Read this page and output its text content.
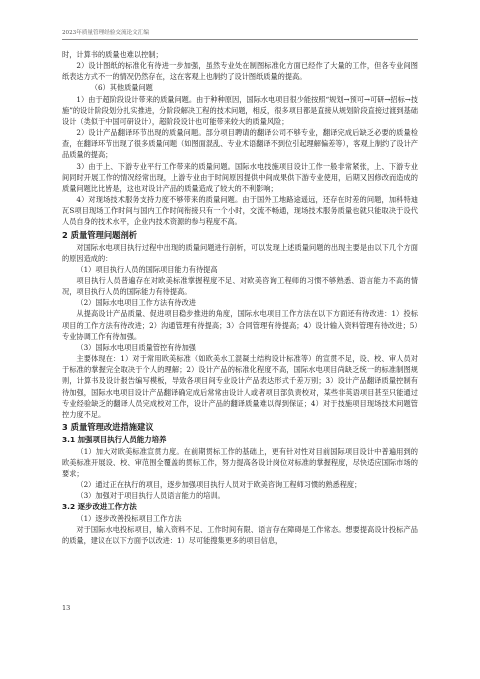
2023年质量管理经验交流论文汇编

时，计算书的质量也难以控制；

2）设计图纸的标准化有待进一步加强，虽然专业处在制图标准化方面已经作了大量的工作，但各专业间图纸表达方式不一的情况仍然存在，这在客观上也制约了设计图纸质量的提高。

（6）其他质量问题

1）由于超阶段设计带来的质量问题。由于种种原因，国际水电项目很少能按照“规划→预可→可研→招标→技施”的设计阶段划分扎实推进，分阶段解决工程的技术问题，相反，很多项目都是直接从规划阶段直接过渡到基础设计（类似于中国可研设计），超阶段设计也可能带来较大的质量风险；

2）设计产品翻译环节出现的质量问题。部分项目聘请的翻译公司不够专业，翻译完成后缺乏必要的质量检查，在翻译环节出现了很多质量问题（如图面混乱、专业术语翻译不到位引起理解偏差等），客观上制约了设计产品质量的提高；

3）由于上、下游专业平行工作带来的质量问题。国际水电技施项目设计工作一般非常紧张，上、下游专业间同时开展工作的情况经常出现，上游专业由于时间原因提供中间成果供下游专业使用，后期又因修改而造成的质量问题比比皆是，这也对设计产品的质量造成了较大的不利影响；

4）对现场技术服务支持力度不够带来的质量问题。由于国外工地路途遥远，还存在时差的问题，加科特迪瓦S项目现场工作时间与国内工作时间衔接只有一个小时，交流不畅通，现场技术服务质量也就只能取决于设代人员自身的技术水平，企业内技术资源的参与程度不高。

2 质量管理问题剖析

对国际水电项目执行过程中出现的质量问题进行剖析，可以发现上述质量问题的出现主要是由以下几个方面的原因造成的：

（1）项目执行人员的国际项目能力有待提高

项目执行人员普遍存在对欧美标准掌握程度不足、对欧美咨询工程师的习惯不够熟悉、语言能力不高的情况，项目执行人员的国际能力有待提高。

（2）国际水电项目工作方法有待改进

从提高设计产品质量、促进项目稳步推进的角度，国际水电项目工作方法在以下方面还有待改进：1）投标项目的工作方法有待改进；2）沟通管理有待提高；3）合同管理有待提高；4）设计输入资料管理有待改进；5）专业协调工作有待加强。

（3）国际水电项目质量管控有待加强

主要体现在：1）对于常用欧美标准（如欧美水工混凝土结构设计标准等）的宣贯不足，设、校、审人员对于标准的掌握完全取决于个人的理解；2）设计产品的标准化程度不高，国际水电项目尚缺乏统一的标准制图规则，计算书及设计报告编写模板，导致各项目间专业设计产品表达形式千差万别；3）设计产品翻译质量控制有待加强，国际水电项目设计产品翻译确定成后常常由设计人或者项目部负责校对，某些非英语项目甚至只能通过专业经验缺乏的翻译人员完成校对工作，设计产品的翻译质量难以得到保证；4）对于技施项目现场技术问题管控力度不足。

3 质量管理改进措施建议
3.1 加强项目执行人员能力培养

（1）加大对欧美标准宣贯力度。在前期贯标工作的基础上，更有针对性对目前国际项目设计中普遍用到的欧美标准开展设、校、审范围全覆盖的贯标工作，努力提高各设计岗位对标准的掌握程度，尽快适应国际市场的要求；

（2）通过正在执行的项目，逐步加强项目执行人员对于欧美咨询工程师习惯的熟悉程度；

（3）加强对于项目执行人员语言能力的培训。

3.2 逐步改进工作方法

（1）逐步改善投标项目工作方法

对于国际水电投标项目，输入资料不足、工作时间有限、语言存在障碍是工作常态。想要提高设计投标产品的质量，建议在以下方面予以改进：1）尽可能搜集更多的项目信息，

13
